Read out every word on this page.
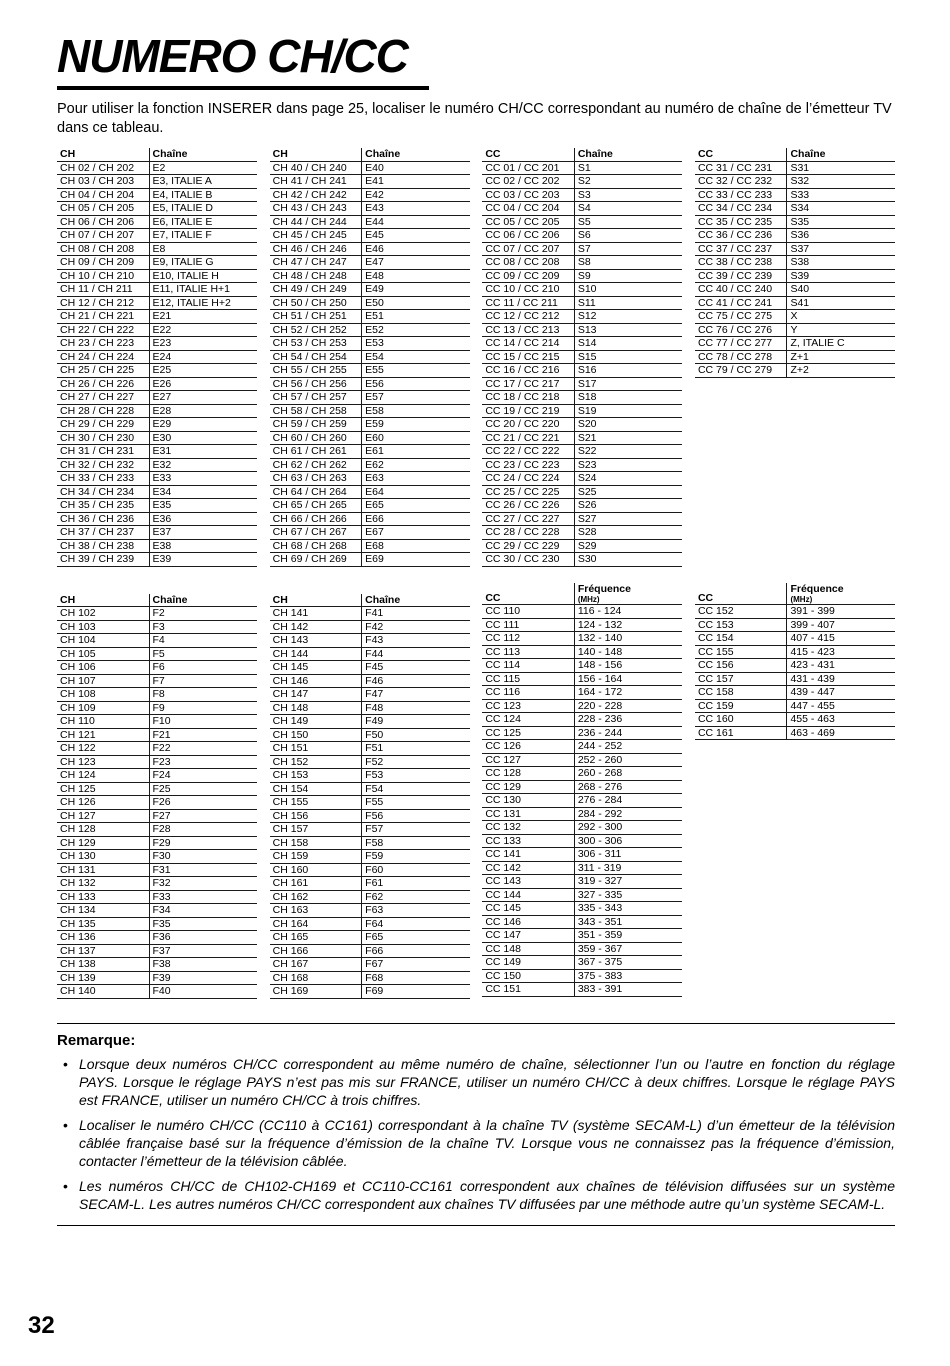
NUMERO CH/CC

Pour utiliser la fonction INSERER dans page 25, localiser le numéro CH/CC correspondant au numéro de chaîne de l’émetteur TV dans ce tableau.

CH	Chaîne

CH 02 / CH 202	E2
CH 03 / CH 203	E3, ITALIE A
CH 04 / CH 204	E4, ITALIE B
CH 05 / CH 205	E5, ITALIE D
CH 06 / CH 206	E6, ITALIE E
CH 07 / CH 207	E7, ITALIE F
CH 08 / CH 208	E8
CH 09 / CH 209	E9, ITALIE G
CH 10 / CH 210	E10, ITALIE H
CH 11 / CH 211	E11, ITALIE H+1
CH 12 / CH 212	E12, ITALIE H+2
CH 21 / CH 221	E21
CH 22 / CH 222	E22
CH 23 / CH 223	E23
CH 24 / CH 224	E24
CH 25 / CH 225	E25
CH 26 / CH 226	E26
CH 27 / CH 227	E27
CH 28 / CH 228	E28
CH 29 / CH 229	E29
CH 30 / CH 230	E30
CH 31 / CH 231	E31
CH 32 / CH 232	E32
CH 33 / CH 233	E33
CH 34 / CH 234	E34
CH 35 / CH 235	E35
CH 36 / CH 236	E36
CH 37 / CH 237	E37
CH 38 / CH 238	E38
CH 39 / CH 239	E39
CH	Chaîne

CH 40 / CH 240	E40
CH 41 / CH 241	E41
CH 42 / CH 242	E42
CH 43 / CH 243	E43
CH 44 / CH 244	E44
CH 45 / CH 245	E45
CH 46 / CH 246	E46
CH 47 / CH 247	E47
CH 48 / CH 248	E48
CH 49 / CH 249	E49
CH 50 / CH 250	E50
CH 51 / CH 251	E51
CH 52 / CH 252	E52
CH 53 / CH 253	E53
CH 54 / CH 254	E54
CH 55 / CH 255	E55
CH 56 / CH 256	E56
CH 57 / CH 257	E57
CH 58 / CH 258	E58
CH 59 / CH 259	E59
CH 60 / CH 260	E60
CH 61 / CH 261	E61
CH 62 / CH 262	E62
CH 63 / CH 263	E63
CH 64 / CH 264	E64
CH 65 / CH 265	E65
CH 66 / CH 266	E66
CH 67 / CH 267	E67
CH 68 / CH 268	E68
CH 69 / CH 269	E69
CC	Chaîne

CC 01 / CC 201	S1
CC 02 / CC 202	S2
CC 03 / CC 203	S3
CC 04 / CC 204	S4
CC 05 / CC 205	S5
CC 06 / CC 206	S6
CC 07 / CC 207	S7
CC 08 / CC 208	S8
CC 09 / CC 209	S9
CC 10 / CC 210	S10
CC 11 / CC 211	S11
CC 12 / CC 212	S12
CC 13 / CC 213	S13
CC 14 / CC 214	S14
CC 15 / CC 215	S15
CC 16 / CC 216	S16
CC 17 / CC 217	S17
CC 18 / CC 218	S18
CC 19 / CC 219	S19
CC 20 / CC 220	S20
CC 21 / CC 221	S21
CC 22 / CC 222	S22
CC 23 / CC 223	S23
CC 24 / CC 224	S24
CC 25 / CC 225	S25
CC 26 / CC 226	S26
CC 27 / CC 227	S27
CC 28 / CC 228	S28
CC 29 / CC 229	S29
CC 30 / CC 230	S30
CC	Chaîne

CC 31 / CC 231	S31
CC 32 / CC 232	S32
CC 33 / CC 233	S33
CC 34 / CC 234	S34
CC 35 / CC 235	S35
CC 36 / CC 236	S36
CC 37 / CC 237	S37
CC 38 / CC 238	S38
CC 39 / CC 239	S39
CC 40 / CC 240	S40
CC 41 / CC 241	S41
CC 75 / CC 275	X
CC 76 / CC 276	Y
CC 77 / CC 277	Z, ITALIE C
CC 78 / CC 278	Z+1
CC 79 / CC 279	Z+2
CH	Chaîne

CH 102	F2
CH 103	F3
CH 104	F4
CH 105	F5
CH 106	F6
CH 107	F7
CH 108	F8
CH 109	F9
CH 110	F10
CH 121	F21
CH 122	F22
CH 123	F23
CH 124	F24
CH 125	F25
CH 126	F26
CH 127	F27
CH 128	F28
CH 129	F29
CH 130	F30
CH 131	F31
CH 132	F32
CH 133	F33
CH 134	F34
CH 135	F35
CH 136	F36
CH 137	F37
CH 138	F38
CH 139	F39
CH 140	F40
CH	Chaîne

CH 141	F41
CH 142	F42
CH 143	F43
CH 144	F44
CH 145	F45
CH 146	F46
CH 147	F47
CH 148	F48
CH 149	F49
CH 150	F50
CH 151	F51
CH 152	F52
CH 153	F53
CH 154	F54
CH 155	F55
CH 156	F56
CH 157	F57
CH 158	F58
CH 159	F59
CH 160	F60
CH 161	F61
CH 162	F62
CH 163	F63
CH 164	F64
CH 165	F65
CH 166	F66
CH 167	F67
CH 168	F68
CH 169	F69
CC	Fréquence
(MHz)

CC 110	116 - 124
CC 111	124 - 132
CC 112	132 - 140
CC 113	140 - 148
CC 114	148 - 156
CC 115	156 - 164
CC 116	164 - 172
CC 123	220 - 228
CC 124	228 - 236
CC 125	236 - 244
CC 126	244 - 252
CC 127	252 - 260
CC 128	260 - 268
CC 129	268 - 276
CC 130	276 - 284
CC 131	284 - 292
CC 132	292 - 300
CC 133	300 - 306
CC 141	306 - 311
CC 142	311 - 319
CC 143	319 - 327
CC 144	327 - 335
CC 145	335 - 343
CC 146	343 - 351
CC 147	351 - 359
CC 148	359 - 367
CC 149	367 - 375
CC 150	375 - 383
CC 151	383 - 391
CC	Fréquence
(MHz)

CC 152	391 - 399
CC 153	399 - 407
CC 154	407 - 415
CC 155	415 - 423
CC 156	423 - 431
CC 157	431 - 439
CC 158	439 - 447
CC 159	447 - 455
CC 160	455 - 463
CC 161	463 - 469
Remarque:
• Lorsque deux numéros CH/CC correspondent au même numéro de chaîne, sélectionner l’un ou l’autre en fonction du réglage PAYS. Lorsque le réglage PAYS n’est pas mis sur FRANCE, utiliser un numéro CH/CC à deux chiffres. Lorsque le réglage PAYS est FRANCE, utiliser un numéro CH/CC à trois chiffres.
• Localiser le numéro CH/CC (CC110 à CC161) correspondant à la chaîne TV (système SECAM-L) d’un émetteur de la télévision câblée française basé sur la fréquence d’émission de la chaîne TV. Lorsque vous ne connaissez pas la fréquence d’émission, contacter l’émetteur de la télévision câblée.
• Les numéros CH/CC de CH102-CH169 et CC110-CC161 correspondent aux chaînes de télévision diffusées sur un système SECAM-L. Les autres numéros CH/CC correspondent aux chaînes TV diffusées par une méthode autre qu’un système SECAM-L.
32
